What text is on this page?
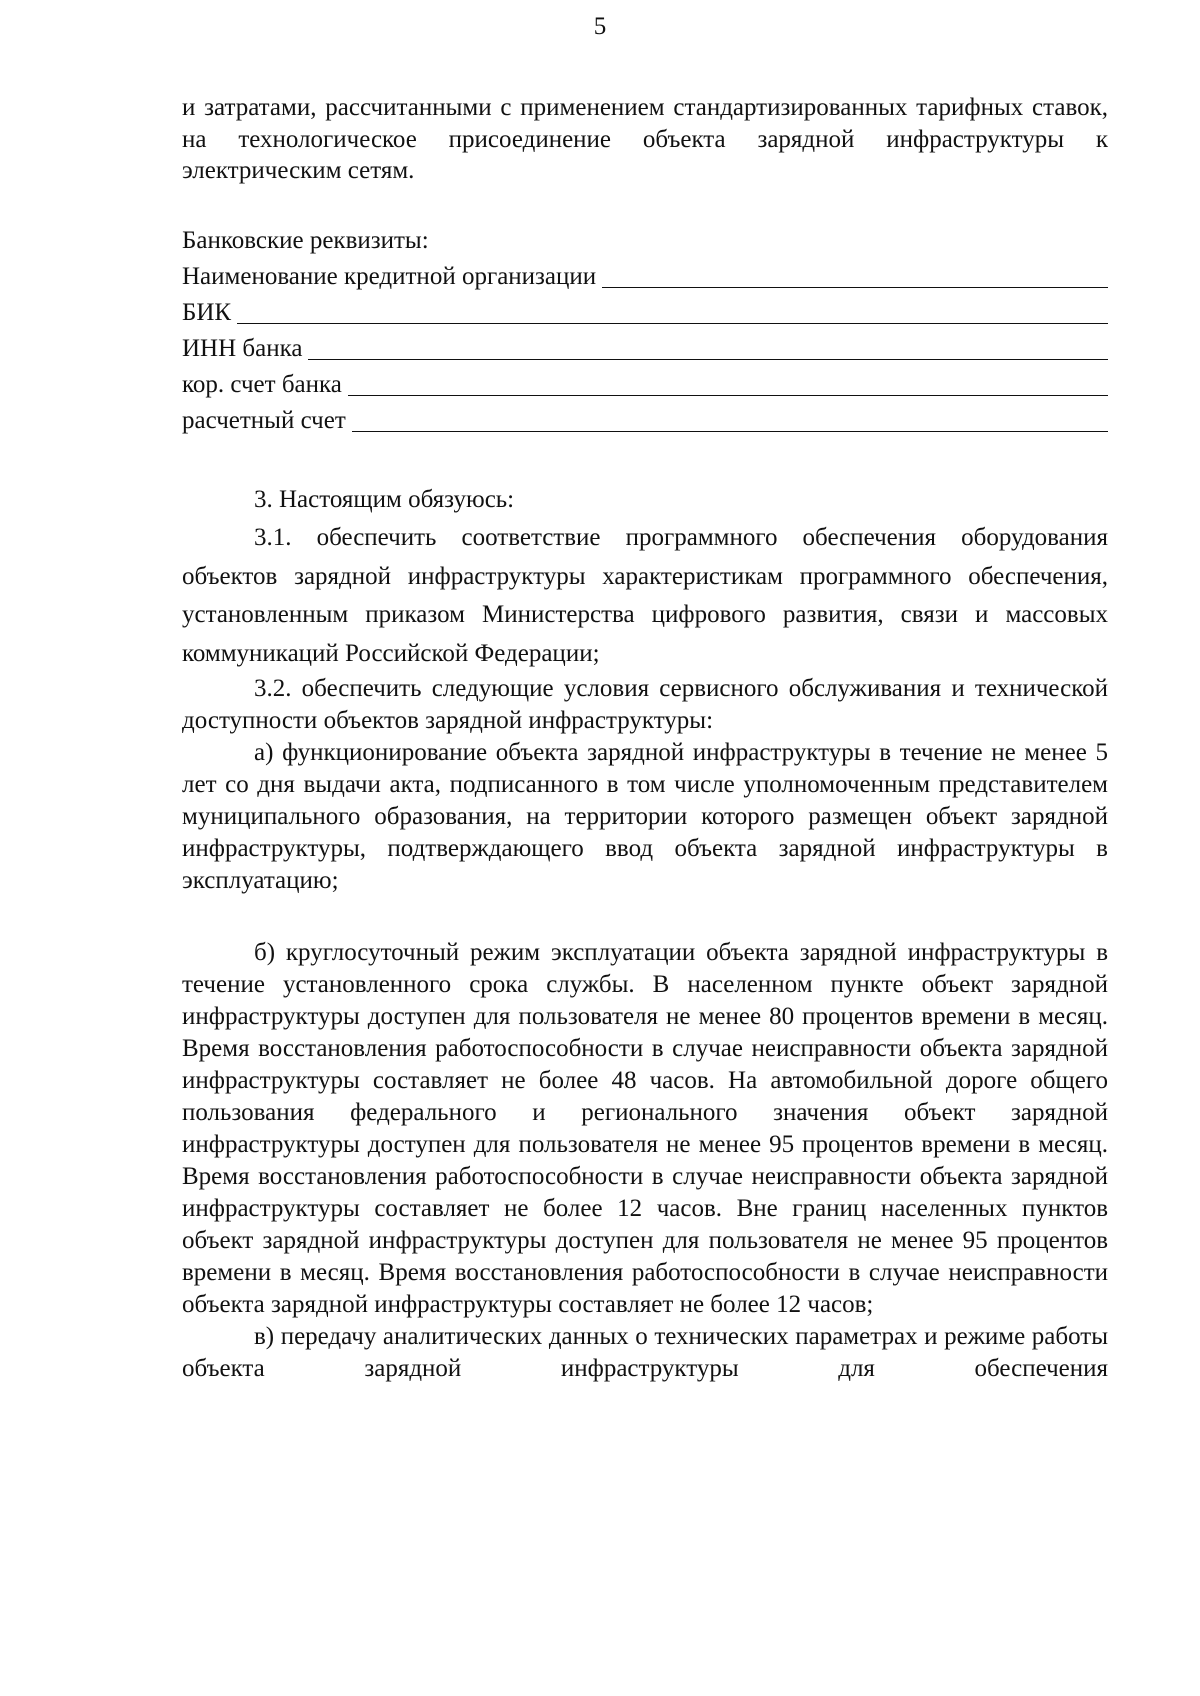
5

и затратами, рассчитанными с применением стандартизированных тарифных ставок, на технологическое присоединение объекта зарядной инфраструктуры к электрическим сетям.

Банковские реквизиты:
Наименование кредитной организации
БИК
ИНН банка
кор. счет банка
расчетный счет

3. Настоящим обязуюсь:

3.1. обеспечить соответствие программного обеспечения оборудования объектов зарядной инфраструктуры характеристикам программного обеспечения, установленным приказом Министерства цифрового развития, связи и массовых коммуникаций Российской Федерации;

3.2. обеспечить следующие условия сервисного обслуживания и технической доступности объектов зарядной инфраструктуры:

а) функционирование объекта зарядной инфраструктуры в течение не менее 5 лет со дня выдачи акта, подписанного в том числе уполномоченным представителем муниципального образования, на территории которого размещен объект зарядной инфраструктуры, подтверждающего ввод объекта зарядной инфраструктуры в эксплуатацию;

б) круглосуточный режим эксплуатации объекта зарядной инфраструктуры в течение установленного срока службы. В населенном пункте объект зарядной инфраструктуры доступен для пользователя не менее 80 процентов времени в месяц. Время восстановления работоспособности в случае неисправности объекта зарядной инфраструктуры составляет не более 48 часов. На автомобильной дороге общего пользования федерального и регионального значения объект зарядной инфраструктуры доступен для пользователя не менее 95 процентов времени в месяц. Время восстановления работоспособности в случае неисправности объекта зарядной инфраструктуры составляет не более 12 часов. Вне границ населенных пунктов объект зарядной инфраструктуры доступен для пользователя не менее 95 процентов времени в месяц. Время восстановления работоспособности в случае неисправности объекта зарядной инфраструктуры составляет не более 12 часов;

в) передачу аналитических данных о технических параметрах и режиме работы объекта зарядной инфраструктуры для обеспечения
